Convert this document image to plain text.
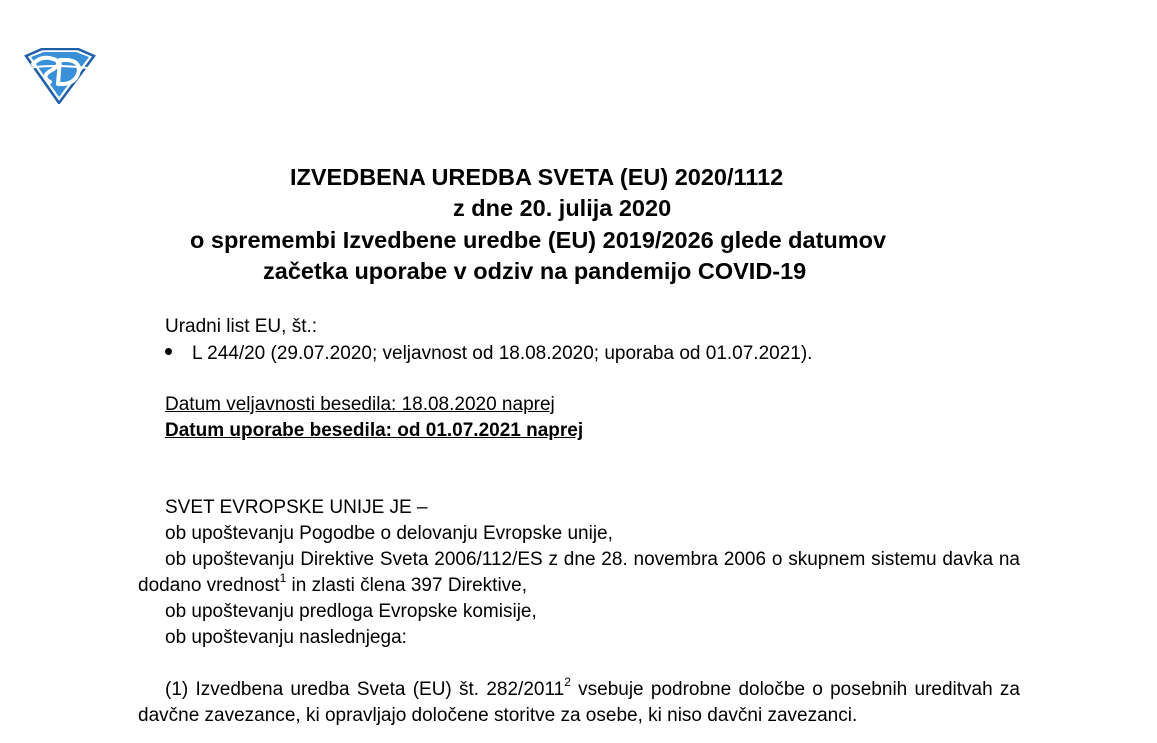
IZVEDBENA UREDBA SVETA (EU) 2020/1112
z dne 20. julija 2020
o spremembi Izvedbene uredbe (EU) 2019/2026 glede datumov
začetka uporabe v odziv na pandemijo COVID-19
Uradni list EU, št.:
L 244/20 (29.07.2020; veljavnost od 18.08.2020; uporaba od 01.07.2021).
Datum veljavnosti besedila: 18.08.2020 naprej
Datum uporabe besedila: od 01.07.2021 naprej

SVET EVROPSKE UNIJE JE –

ob upoštevanju Pogodbe o delovanju Evropske unije,

ob upoštevanju Direktive Sveta 2006/112/ES z dne 28. novembra 2006 o skupnem sistemu davka na dodano vrednost$^1$ in zlasti člena 397 Direktive,

ob upoštevanju predloga Evropske komisije,

ob upoštevanju naslednjega:

(1) Izvedbena uredba Sveta (EU) št. 282/2011$^2$ vsebuje podrobne določbe o posebnih ureditvah za davčne zavezance, ki opravljajo določene storitve za osebe, ki niso davčni zavezanci.
